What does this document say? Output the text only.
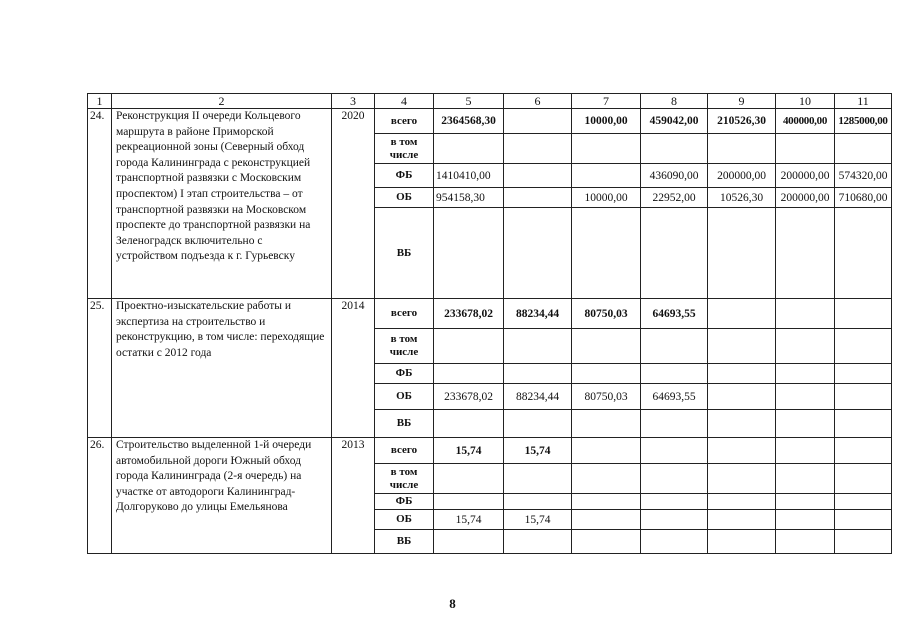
1	2	3	4	5	6	7	8	9	10	11
24.	Реконструкция II очереди Кольцевого маршрута в районе Приморской рекреационной зоны (Северный обход города Калининграда с реконструкцией транспортной развязки с Московским проспектом) I этап строительства – от транспортной развязки на Московском проспекте до транспортной развязки на Зеленоградск включительно с устройством подъезда к г. Гурьевску	2020	всего	2364568,30		10000,00	459042,00	210526,30	400000,00	1285000,00
			в том числе							
			ФБ	1410410,00			436090,00	200000,00	200000,00	574320,00
			ОБ	954158,30		10000,00	22952,00	10526,30	200000,00	710680,00
			ВБ							
25.	Проектно-изыскательские работы и экспертиза на строительство и реконструкцию, в том числе: переходящие остатки с 2012 года	2014	всего	233678,02	88234,44	80750,03	64693,55			
			в том числе							
			ФБ							
			ОБ	233678,02	88234,44	80750,03	64693,55			
			ВБ							
26.	Строительство выделенной 1-й очереди автомобильной дороги Южный обход города Калининграда (2-я очередь) на участке от автодороги Калининград-Долгоруково до улицы Емельянова	2013	всего	15,74	15,74					
			в том числе							
			ФБ							
			ОБ	15,74	15,74					
			ВБ							
8
